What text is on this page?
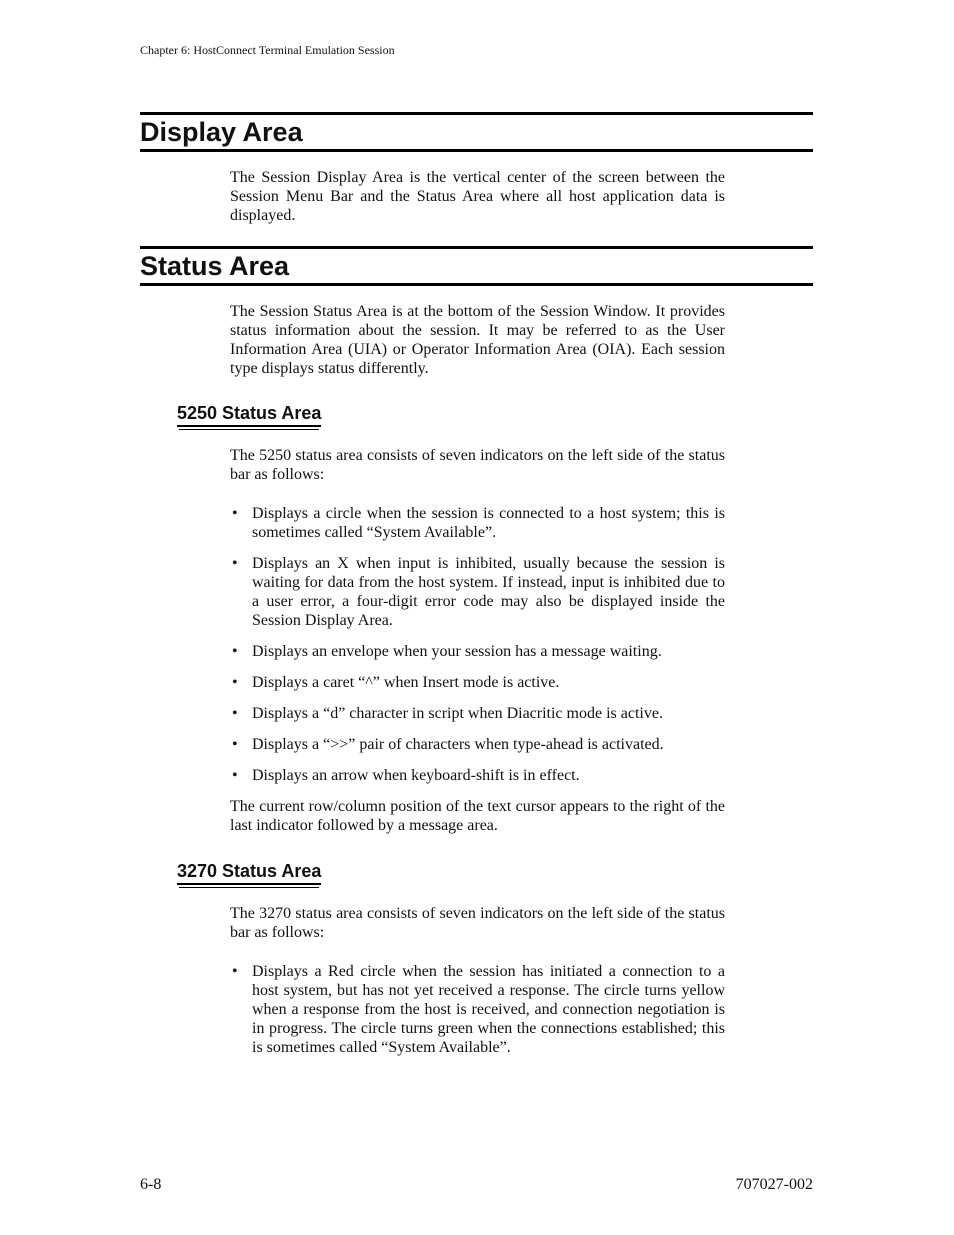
Chapter 6: HostConnect Terminal Emulation Session
Display Area

The Session Display Area is the vertical center of the screen between the Session Menu Bar and the Status Area where all host application data is displayed.

Status Area

The Session Status Area is at the bottom of the Session Window. It provides status information about the session. It may be referred to as the User Information Area (UIA) or Operator Information Area (OIA). Each session type displays status differently.

5250 Status Area

The 5250 status area consists of seven indicators on the left side of the status bar as follows:

• Displays a circle when the session is connected to a host system; this is sometimes called “System Available”.
• Displays an X when input is inhibited, usually because the session is waiting for data from the host system. If instead, input is inhibited due to a user error, a four-digit error code may also be displayed inside the Session Display Area.
• Displays an envelope when your session has a message waiting.
• Displays a caret “^” when Insert mode is active.
• Displays a “d” character in script when Diacritic mode is active.
• Displays a “>>” pair of characters when type-ahead is activated.
• Displays an arrow when keyboard-shift is in effect.

The current row/column position of the text cursor appears to the right of the last indicator followed by a message area.

3270 Status Area

The 3270 status area consists of seven indicators on the left side of the status bar as follows:

• Displays a Red circle when the session has initiated a connection to a host system, but has not yet received a response. The circle turns yellow when a response from the host is received, and connection negotiation is in progress. The circle turns green when the connections established; this is sometimes called “System Available”.
6-8	707027-002
